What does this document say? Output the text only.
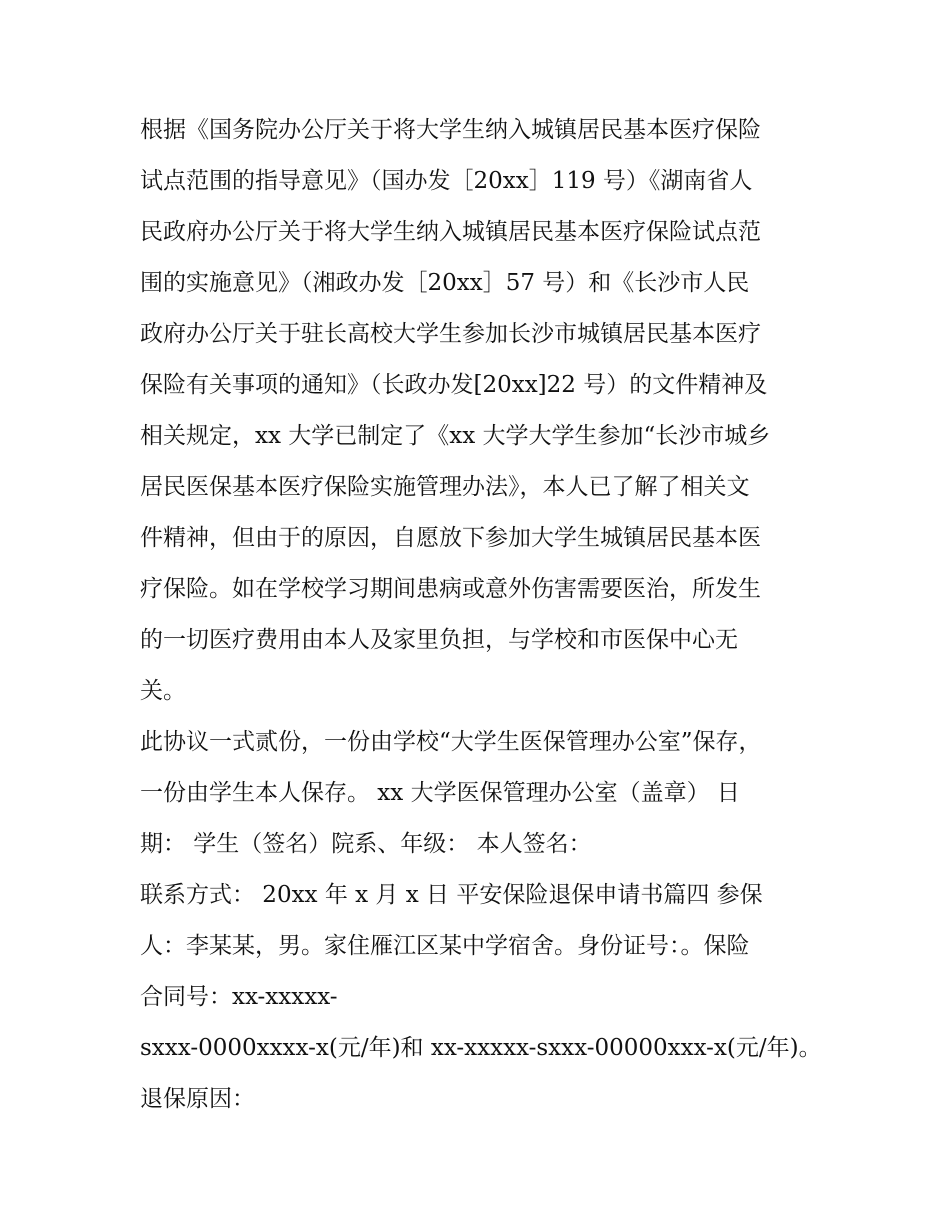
根据《国务院办公厅关于将大学生纳入城镇居民基本医疗保险
试点范围的指导意见》（国办发［20xx］119 号）《湖南省人
民政府办公厅关于将大学生纳入城镇居民基本医疗保险试点范
围的实施意见》（湘政办发［20xx］57 号）和《长沙市人民
政府办公厅关于驻长高校大学生参加长沙市城镇居民基本医疗
保险有关事项的通知》（长政办发[20xx]22 号）的文件精神及
相关规定，xx 大学已制定了《xx 大学大学生参加“长沙市城乡
居民医保基本医疗保险实施管理办法》，本人已了解了相关文
件精神，但由于的原因，自愿放下参加大学生城镇居民基本医
疗保险。如在学校学习期间患病或意外伤害需要医治，所发生
的一切医疗费用由本人及家里负担，与学校和市医保中心无
关。
此协议一式贰份，一份由学校“大学生医保管理办公室”保存，
一份由学生本人保存。 xx 大学医保管理办公室（盖章） 日
期： 学生（签名）院系、年级： 本人签名：
联系方式： 20xx 年 x 月 x 日 平安保险退保申请书篇四 参保
人：李某某，男。家住雁江区某中学宿舍。身份证号：。保险
合同号：xx-xxxxx-
sxxx-0000xxxx-x(元/年)和 xx-xxxxx-sxxx-00000xxx-x(元/年)。
退保原因：
